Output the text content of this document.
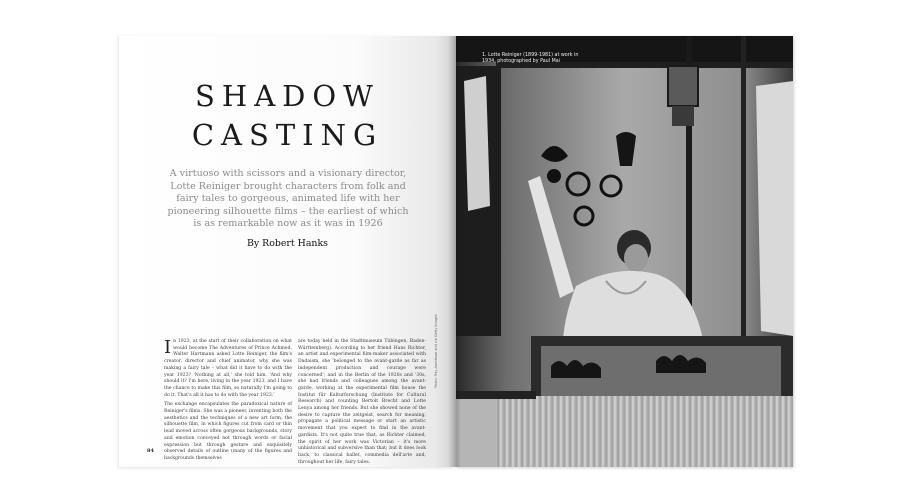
SHADOW
CASTING

A virtuoso with scissors and a visionary director, Lotte Reiniger brought characters from folk and fairy tales to gorgeous, animated life with her pioneering silhouette films – the earliest of which is as remarkable now as it was in 1926

By Robert Hanks

In 1923, at the start of their collaboration on what would become The Adventures of Prince Achmed, Walter Hartmann asked Lotte Reiniger, the film's creator, director and chief animator, why she was making a fairy tale – what did it have to do with the year 1923? 'Nothing at all,' she told him. 'And why should it? I'm here, living in the year 1923, and I have the chance to make this film, so naturally I'm going to do it. That's all it has to do with the year 1923.'

The exchange encapsulates the paradoxical nature of Reiniger's films. She was a pioneer, inventing both the aesthetics and the techniques of a new art form, the silhouette film, in which figures cut from card or thin lead moved across often gorgeous backgrounds, story and emotion conveyed not through words or facial expression but through gesture and exquisitely observed details of outline (many of the figures and backgrounds themselves

are today held in the Stadtmuseum Tübingen, Baden-Württemberg). According to her friend Hans Richter, an artist and experimental film-maker associated with Dadaism, she 'belonged to the avant-garde as far as independent production and courage were concerned'; and in the Berlin of the 1920s and '30s, she had friends and colleagues among the avant-garde, working at the experimental film house the Institut für Kulturforschung (Institute for Cultural Research) and counting Bertolt Brecht and Lotte Lenya among her friends. But she showed none of the desire to capture the zeitgeist, search for meaning, propagate a political message or start an artistic movement that you expect to find in the avant-gardists. It's not quite true that, as Richter claimed, the spirit of her work was Victorian – it's more unhistorical and subversive than that; but it does look back, to classical ballet, commedia dell'arte and, throughout her life, fairy tales.

84

1. Lotte Reiniger (1899-1981) at work in 1934, photographed by Paul Mai

Photo: Ray Aselrhaun and via Getty Images
